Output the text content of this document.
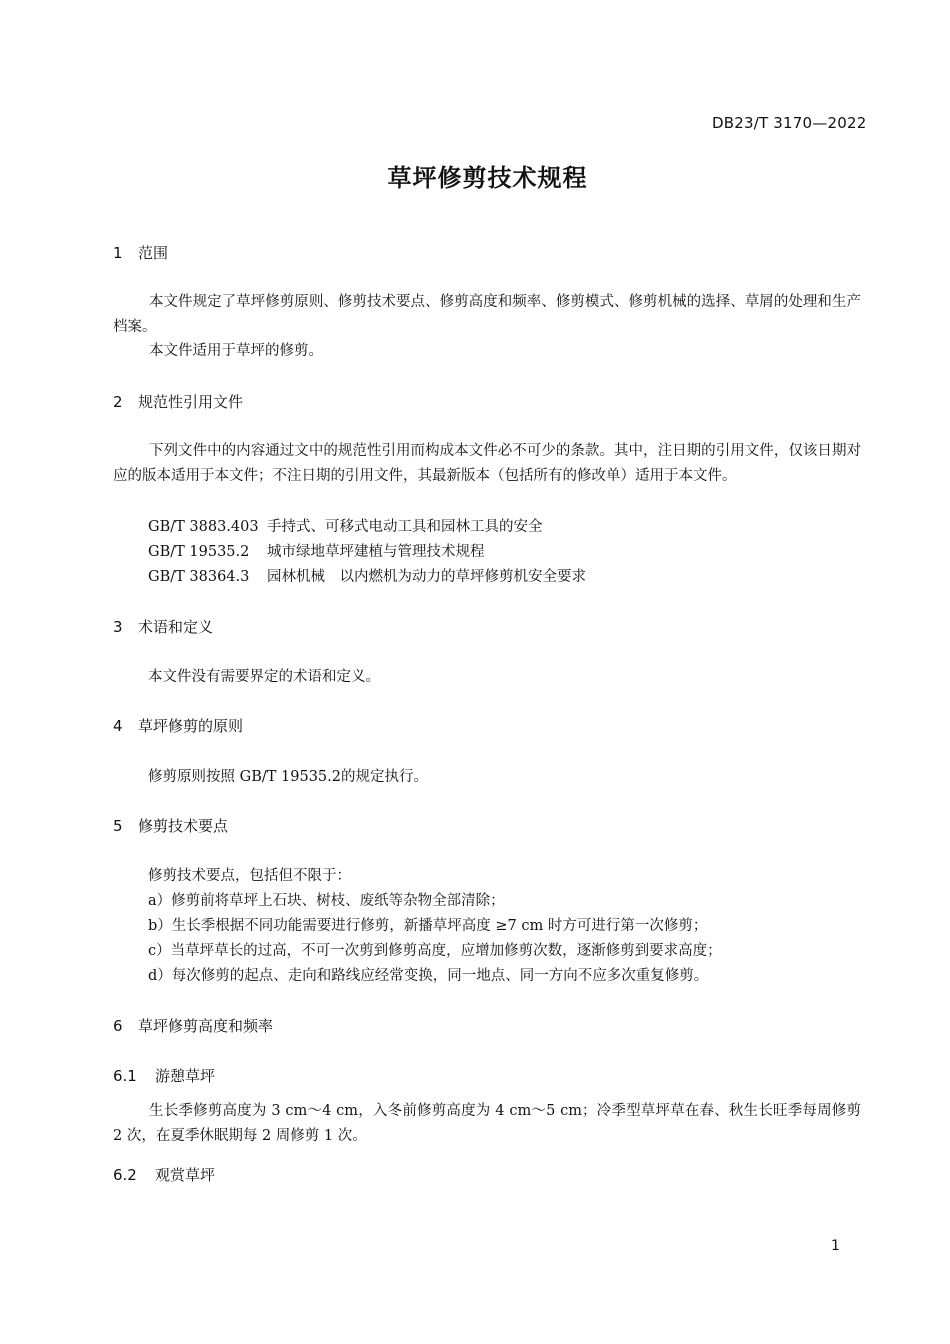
DB23/T 3170—2022
草坪修剪技术规程
1 范围
本文件规定了草坪修剪原则、修剪技术要点、修剪高度和频率、修剪模式、修剪机械的选择、草屑的处理和生产档案。
本文件适用于草坪的修剪。
2 规范性引用文件
下列文件中的内容通过文中的规范性引用而构成本文件必不可少的条款。其中，注日期的引用文件，仅该日期对应的版本适用于本文件；不注日期的引用文件，其最新版本（包括所有的修改单）适用于本文件。
GB/T 3883.403 手持式、可移式电动工具和园林工具的安全
GB/T 19535.2 城市绿地草坪建植与管理技术规程
GB/T 38364.3 园林机械　以内燃机为动力的草坪修剪机安全要求
3 术语和定义
本文件没有需要界定的术语和定义。
4 草坪修剪的原则
修剪原则按照 GB/T 19535.2的规定执行。
5 修剪技术要点
修剪技术要点，包括但不限于：
a）修剪前将草坪上石块、树枝、废纸等杂物全部清除；
b）生长季根据不同功能需要进行修剪，新播草坪高度 ≥7 cm 时方可进行第一次修剪；
c）当草坪草长的过高，不可一次剪到修剪高度，应增加修剪次数，逐渐修剪到要求高度；
d）每次修剪的起点、走向和路线应经常变换，同一地点、同一方向不应多次重复修剪。
6 草坪修剪高度和频率
6.1 游憩草坪
生长季修剪高度为 3 cm～4 cm，入冬前修剪高度为 4 cm～5 cm；冷季型草坪草在春、秋生长旺季每周修剪 2 次，在夏季休眠期每 2 周修剪 1 次。
6.2 观赏草坪
1
